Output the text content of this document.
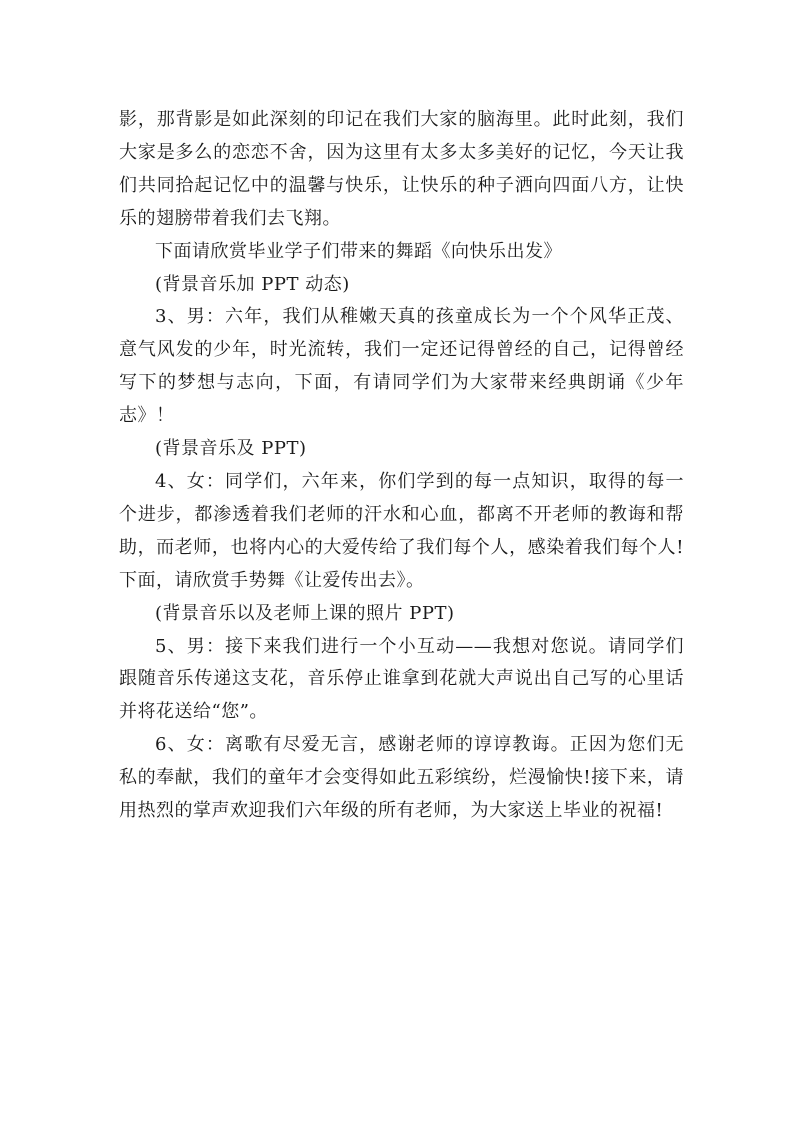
影，那背影是如此深刻的印记在我们大家的脑海里。此时此刻，我们大家是多么的恋恋不舍，因为这里有太多太多美好的记忆，今天让我们共同拾起记忆中的温馨与快乐，让快乐的种子洒向四面八方，让快乐的翅膀带着我们去飞翔。

下面请欣赏毕业学子们带来的舞蹈《向快乐出发》

(背景音乐加 PPT 动态)

3、男：六年，我们从稚嫩天真的孩童成长为一个个风华正茂、意气风发的少年，时光流转，我们一定还记得曾经的自己，记得曾经写下的梦想与志向，下面，有请同学们为大家带来经典朗诵《少年志》！

(背景音乐及 PPT)

4、女：同学们，六年来，你们学到的每一点知识，取得的每一个进步，都渗透着我们老师的汗水和心血，都离不开老师的教诲和帮助，而老师，也将内心的大爱传给了我们每个人，感染着我们每个人!下面，请欣赏手势舞《让爱传出去》。

(背景音乐以及老师上课的照片 PPT)

5、男：接下来我们进行一个小互动——我想对您说。请同学们跟随音乐传递这支花，音乐停止谁拿到花就大声说出自己写的心里话并将花送给“您”。

6、女：离歌有尽爱无言，感谢老师的谆谆教诲。正因为您们无私的奉献，我们的童年才会变得如此五彩缤纷，烂漫愉快!接下来，请用热烈的掌声欢迎我们六年级的所有老师，为大家送上毕业的祝福!
